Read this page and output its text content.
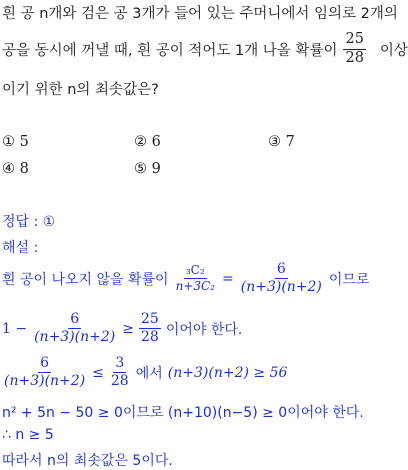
흰 공 n개와 검은 공 3개가 들어 있는 주머니에서 임의로 2개의
공을 동시에 꺼낼 때, 흰 공이 적어도 1개 나올 확률이 $\frac{25}{28}$ 이상
이기 위한 n의 최솟값은?
① 5	② 6	③ 7
④ 8	⑤ 9
정답 : ①
해설 :
흰 공이 나오지 않을 확률이 $\frac{\text{₃C₂}}{\text{n+3C₂}} = \frac{6}{(n+3)(n+2)}$ 이므로
$1 - \frac{6}{(n+3)(n+2)} \ge \frac{25}{28}$ 이어야 한다.
$\frac{6}{(n+3)(n+2)} \le \frac{3}{28}$ 에서 (n+3)(n+2) ≥ 56
n² + 5n − 50 ≥ 0이므로 (n+10)(n−5) ≥ 0이어야 한다.
∴ n ≥ 5
따라서 n의 최솟값은 5이다.
